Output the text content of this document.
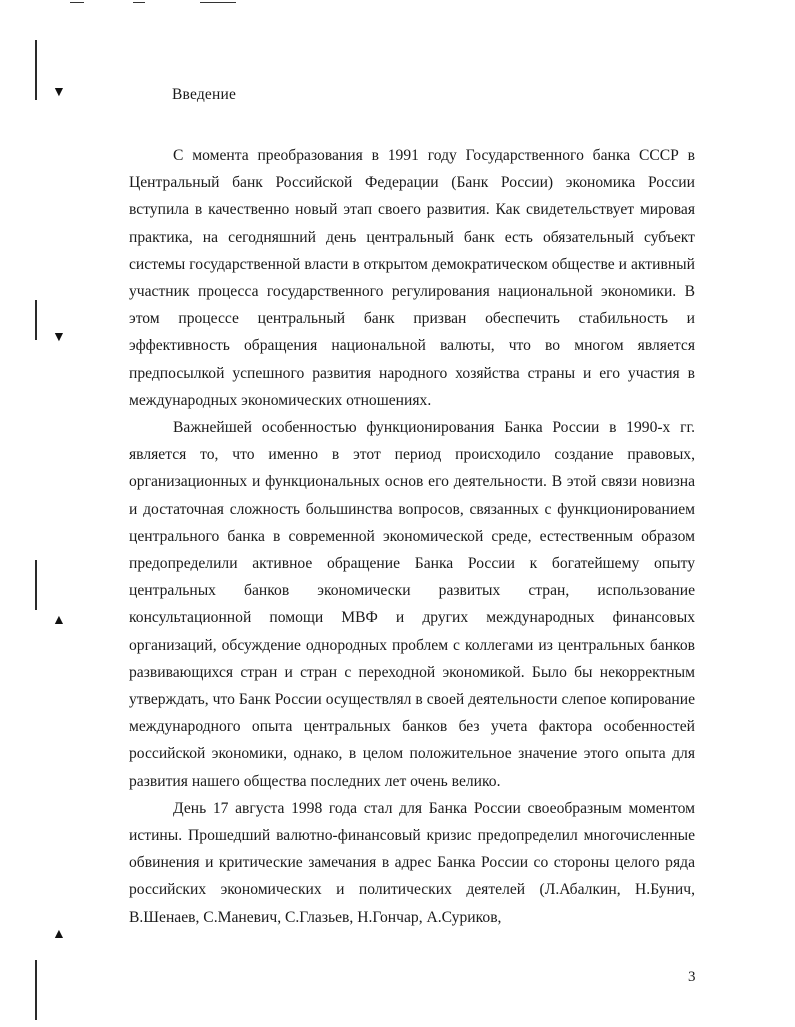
▼
▼
▲
▲
Введение

С момента преобразования в 1991 году Государственного банка СССР в Центральный банк Российской Федерации (Банк России) экономика России вступила в качественно новый этап своего развития. Как свидетельствует мировая практика, на сегодняшний день центральный банк есть обязательный субъект системы государственной власти в открытом демократическом обществе и активный участник процесса государственного регулирования национальной экономики. В этом процессе центральный банк призван обеспечить стабильность и эффективность обращения национальной валюты, что во многом является предпосылкой успешного развития народного хозяйства страны и его участия в международных экономических отношениях.

Важнейшей особенностью функционирования Банка России в 1990-х гг. является то, что именно в этот период происходило создание правовых, организационных и функциональных основ его деятельности. В этой связи новизна и достаточная сложность большинства вопросов, связанных с функционированием центрального банка в современной экономической среде, естественным образом предопределили активное обращение Банка России к богатейшему опыту центральных банков экономически развитых стран, использование консультационной помощи МВФ и других международных финансовых организаций, обсуждение однородных проблем с коллегами из центральных банков развивающихся стран и стран с переходной экономикой. Было бы некорректным утверждать, что Банк России осуществлял в своей деятельности слепое копирование международного опыта центральных банков без учета фактора особенностей российской экономики, однако, в целом положительное значение этого опыта для развития нашего общества последних лет очень велико.

День 17 августа 1998 года стал для Банка России своеобразным моментом истины. Прошедший валютно-финансовый кризис предопределил многочисленные обвинения и критические замечания в адрес Банка России со стороны целого ряда российских экономических и политических деятелей (Л.Абалкин, Н.Бунич, В.Шенаев, С.Маневич, С.Глазьев, Н.Гончар, А.Суриков,

3
